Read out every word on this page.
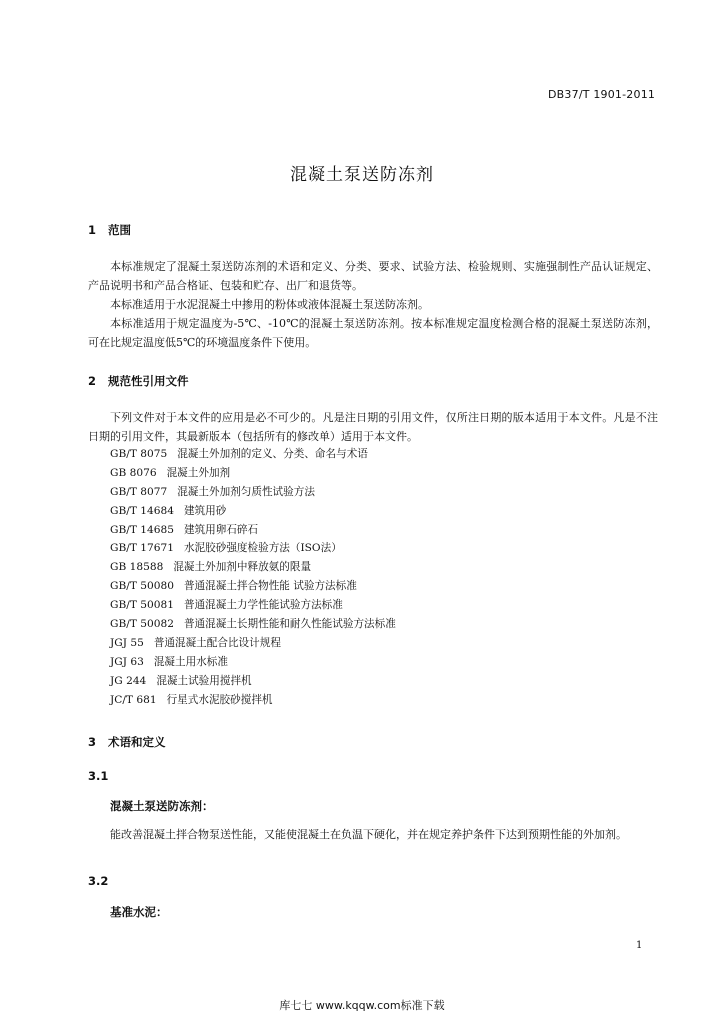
DB37/T 1901-2011
混凝土泵送防冻剂
1 范围
本标准规定了混凝土泵送防冻剂的术语和定义、分类、要求、试验方法、检验规则、实施强制性产品认证规定、产品说明书和产品合格证、包装和贮存、出厂和退货等。
本标准适用于水泥混凝土中掺用的粉体或液体混凝土泵送防冻剂。
本标准适用于规定温度为-5℃、-10℃的混凝土泵送防冻剂。按本标准规定温度检测合格的混凝土泵送防冻剂，可在比规定温度低5℃的环境温度条件下使用。
2 规范性引用文件
下列文件对于本文件的应用是必不可少的。凡是注日期的引用文件，仅所注日期的版本适用于本文件。凡是不注日期的引用文件，其最新版本（包括所有的修改单）适用于本文件。
GB/T 8075 混凝土外加剂的定义、分类、命名与术语
GB 8076 混凝土外加剂
GB/T 8077 混凝土外加剂匀质性试验方法
GB/T 14684 建筑用砂
GB/T 14685 建筑用卵石碎石
GB/T 17671 水泥胶砂强度检验方法（ISO法）
GB 18588 混凝土外加剂中释放氨的限量
GB/T 50080 普通混凝土拌合物性能 试验方法标准
GB/T 50081 普通混凝土力学性能试验方法标准
GB/T 50082 普通混凝土长期性能和耐久性能试验方法标准
JGJ 55 普通混凝土配合比设计规程
JGJ 63 混凝土用水标准
JG 244 混凝土试验用搅拌机
JC/T 681 行星式水泥胶砂搅拌机
3 术语和定义
3.1
混凝土泵送防冻剂：
能改善混凝土拌合物泵送性能，又能使混凝土在负温下硬化，并在规定养护条件下达到预期性能的外加剂。
3.2
基准水泥：
1
库七七 www.kqqw.com标准下载
